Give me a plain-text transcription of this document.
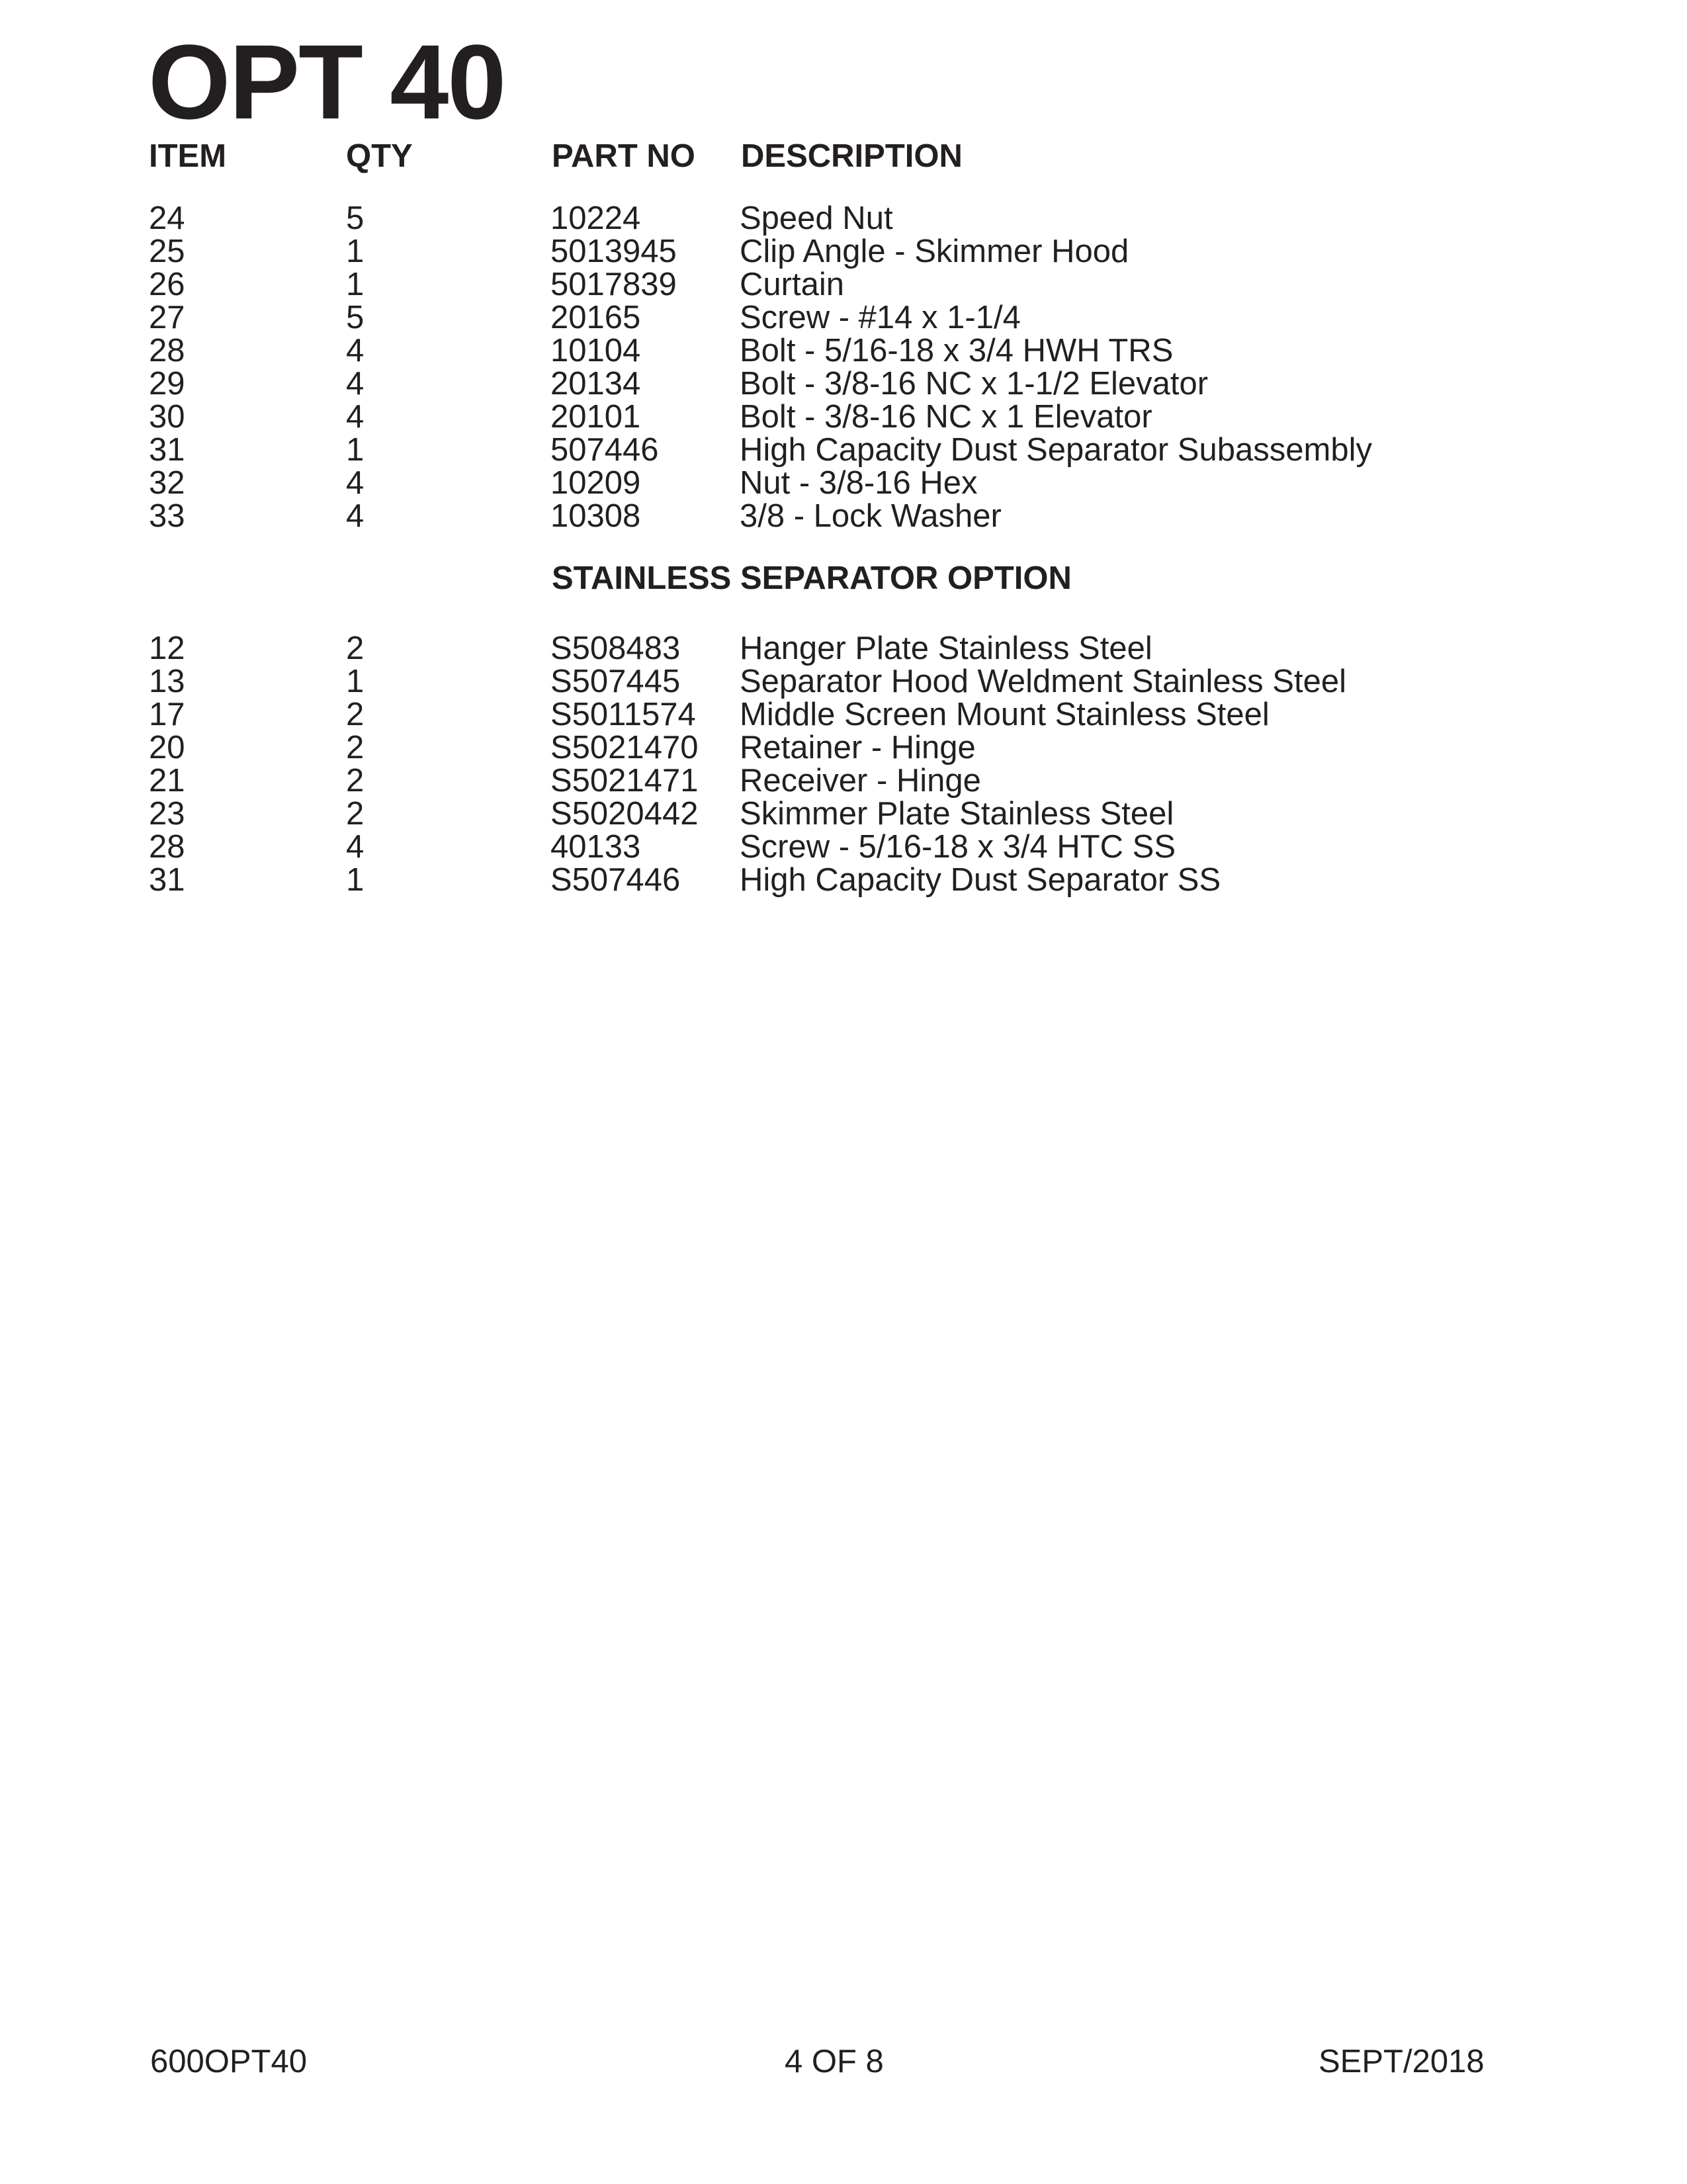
OPT 40
ITEM	QTY	PART NO DESCRIPTION
24	5	10224	Speed Nut
25	1	5013945 Clip Angle - Skimmer Hood
26	1	5017839 Curtain
27	5	20165	Screw - #14 x 1-1/4
28	4	10104	Bolt - 5/16-18 x 3/4 HWH TRS
29	4	20134	Bolt - 3/8-16 NC x 1-1/2 Elevator
30	4	20101	Bolt - 3/8-16 NC x 1 Elevator
31	1	507446 High Capacity Dust Separator Subassembly
32	4	10209	Nut - 3/8-16 Hex
33	4	10308	3/8 - Lock Washer
STAINLESS SEPARATOR OPTION
12	2	S508483 Hanger Plate Stainless Steel
13	1	S507445 Separator Hood Weldment Stainless Steel
17	2	S5011574 Middle Screen Mount Stainless Steel
20	2	S5021470 Retainer - Hinge
21	2	S5021471 Receiver - Hinge
23	2	S5020442 Skimmer Plate Stainless Steel
28	4	40133	Screw - 5/16-18 x 3/4 HTC SS
31	1	S507446 High Capacity Dust Separator SS
600OPT40	4 OF 8	SEPT/2018
